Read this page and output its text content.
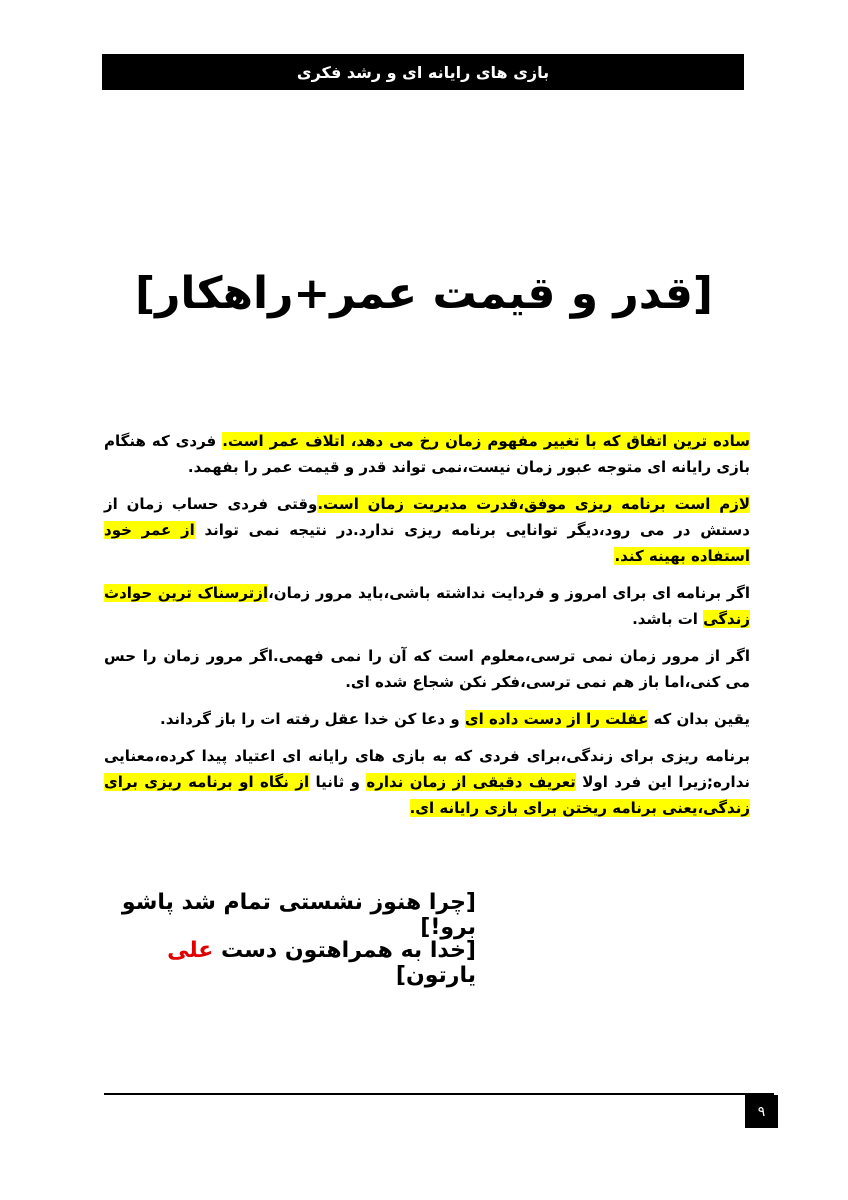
بازی های رایانه ای و رشد فکری
[قدر و قیمت عمر+راهکار]

ساده ترین اتفاق که با تغییر مفهوم زمان رخ می دهد، اتلاف عمر است. فردی که هنگام بازی رایانه ای متوجه عبور زمان نیست،نمی تواند قدر و قیمت عمر را بفهمد.

لازم است برنامه ریزی موفق،قدرت مدیریت زمان است.وقتی فردی حساب زمان از دستش در می رود،دیگر توانایی برنامه ریزی ندارد.در نتیجه نمی تواند از عمر خود استفاده بهینه کند.

اگر برنامه ای برای امروز و فردایت نداشته باشی،باید مرور زمان،ازترسناک ترین حوادث زندگی ات باشد.

اگر از مرور زمان نمی ترسی،معلوم است که آن را نمی فهمی.اگر مرور زمان را حس می کنی،اما باز هم نمی ترسی،فکر نکن شجاع شده ای.

یقین بدان که عقلت را از دست داده ای و دعا کن خدا عقل رفته ات را باز گرداند.

برنامه ریزی برای زندگی،برای فردی که به بازی های رایانه ای اعتیاد پیدا کرده،معنایی نداره;زیرا این فرد اولا تعریف دقیقی از زمان نداره و ثانیا از نگاه او برنامه ریزی برای زندگی،یعنی برنامه ریختن برای بازی رایانه ای.

[چرا هنوز نشستی تمام شد پاشو برو!]
[خدا به همراهتون دست علی یارتون]
۹
